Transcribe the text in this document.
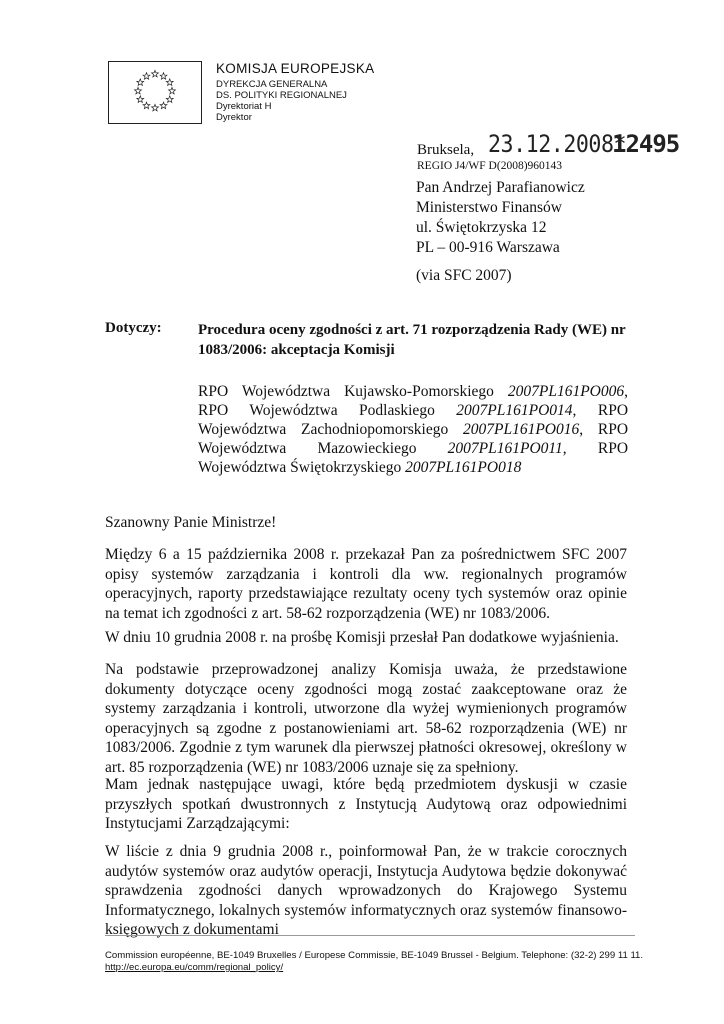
KOMISJA EUROPEJSKA
DYREKCJA GENERALNA
DS. POLITYKI REGIONALNEJ
Dyrektoriat H
Dyrektor
Bruksela, 23.12.2008*
12495
REGIO J4/WF D(2008)960143
Pan Andrzej Parafianowicz
Ministerstwo Finansów
ul. Świętokrzyska 12
PL – 00-916 Warszawa
(via SFC 2007)
Dotyczy: Procedura oceny zgodności z art. 71 rozporządzenia Rady (WE) nr 1083/2006: akceptacja Komisji
RPO Województwa Kujawsko-Pomorskiego 2007PL161PO006, RPO Województwa Podlaskiego 2007PL161PO014, RPO Województwa Zachodniopomorskiego 2007PL161PO016, RPO Województwa Mazowieckiego 2007PL161PO011, RPO Województwa Świętokrzyskiego 2007PL161PO018
Szanowny Panie Ministrze!
Między 6 a 15 października 2008 r. przekazał Pan za pośrednictwem SFC 2007 opisy systemów zarządzania i kontroli dla ww. regionalnych programów operacyjnych, raporty przedstawiające rezultaty oceny tych systemów oraz opinie na temat ich zgodności z art. 58-62 rozporządzenia (WE) nr 1083/2006.
W dniu 10 grudnia 2008 r. na prośbę Komisji przesłał Pan dodatkowe wyjaśnienia.
Na podstawie przeprowadzonej analizy Komisja uważa, że przedstawione dokumenty dotyczące oceny zgodności mogą zostać zaakceptowane oraz że systemy zarządzania i kontroli, utworzone dla wyżej wymienionych programów operacyjnych są zgodne z postanowieniami art. 58-62 rozporządzenia (WE) nr 1083/2006. Zgodnie z tym warunek dla pierwszej płatności okresowej, określony w art. 85 rozporządzenia (WE) nr 1083/2006 uznaje się za spełniony.
Mam jednak następujące uwagi, które będą przedmiotem dyskusji w czasie przyszłych spotkań dwustronnych z Instytucją Audytową oraz odpowiednimi Instytucjami Zarządzającymi:
W liście z dnia 9 grudnia 2008 r., poinformował Pan, że w trakcie corocznych audytów systemów oraz audytów operacji, Instytucja Audytowa będzie dokonywać sprawdzenia zgodności danych wprowadzonych do Krajowego Systemu Informatycznego, lokalnych systemów informatycznych oraz systemów finansowo-księgowych z dokumentami
Commission européenne, BE-1049 Bruxelles / Europese Commissie, BE-1049 Brussel - Belgium. Telephone: (32-2) 299 11 11.
http://ec.europa.eu/comm/regional_policy/
